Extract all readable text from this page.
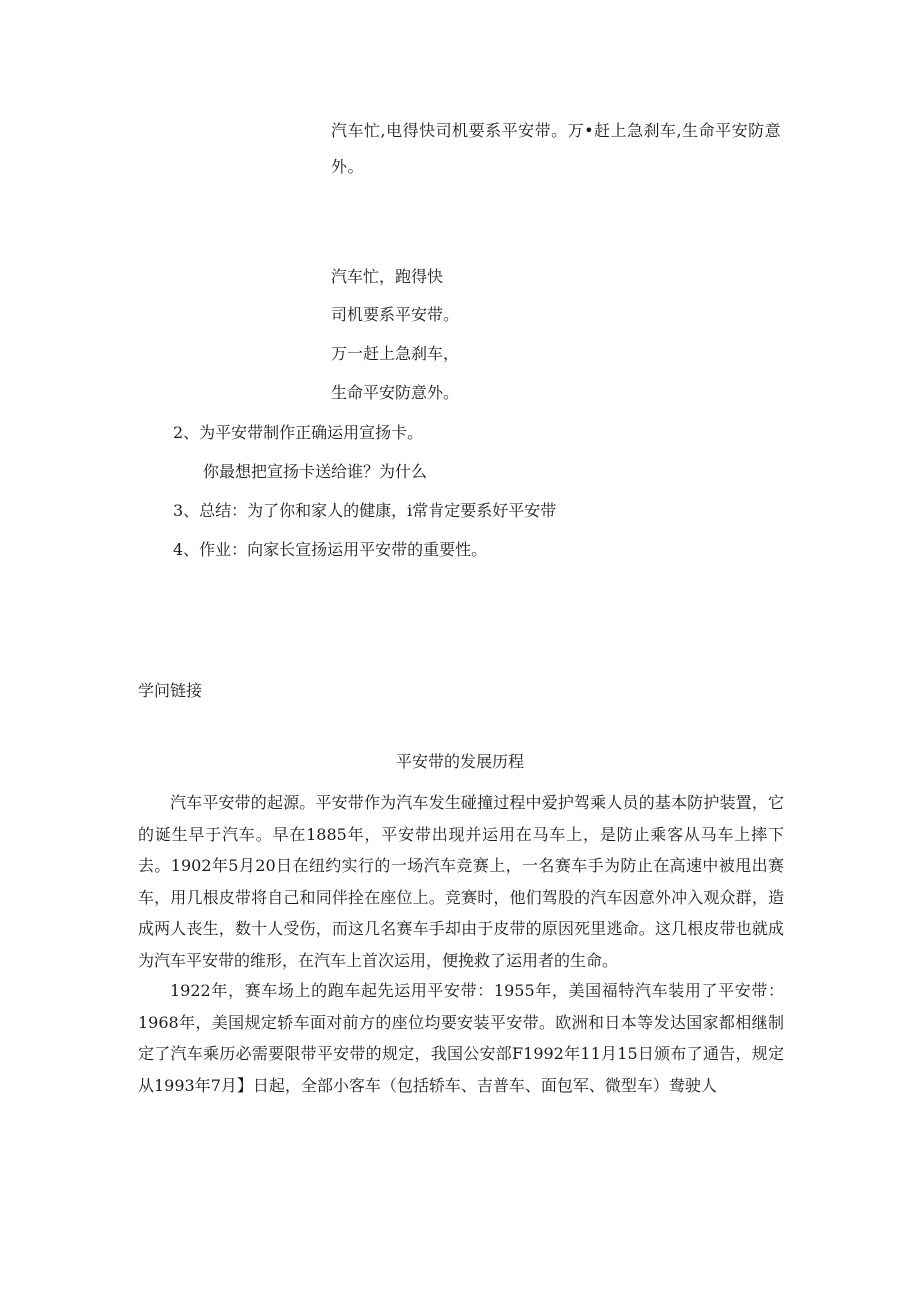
汽车忙,电得快司机要系平安带。万•赶上急刹车,生命平安防意外。
汽车忙，跑得快
司机要系平安带。
万一赶上急刹车，
生命平安防意外。
2、为平安带制作正确运用宣扬卡。
你最想把宣扬卡送给谁？为什么
3、总结：为了你和家人的健康，i常肯定要系好平安带
4、作业：向家长宣扬运用平安带的重要性。
学问链接
平安带的发展历程
汽车平安带的起源。平安带作为汽车发生碰撞过程中爱护驾乘人员的基本防护装置，它的诞生早于汽车。早在1885年，平安带出现并运用在马车上，是防止乘客从马车上摔下去。1902年5月20日在纽约实行的一场汽车竞赛上，一名赛车手为防止在高速中被甩出赛车，用几根皮带将自己和同伴拴在座位上。竞赛时，他们驾股的汽车因意外冲入观众群，造成两人丧生，数十人受伤，而这几名赛车手却由于皮带的原因死里逃命。这几根皮带也就成为汽车平安带的维形，在汽车上首次运用，便挽救了运用者的生命。
1922年，赛车场上的跑车起先运用平安带：1955年，美国福特汽车装用了平安带：1968年，美国规定轿车面对前方的座位均要安装平安带。欧洲和日本等发达国家都相继制定了汽车乘历必需要限带平安带的规定，我国公安部F1992年11月15日颁布了通告，规定从1993年7月】日起，全部小客车（包括轿车、吉普车、面包军、微型车）鸯驶人
